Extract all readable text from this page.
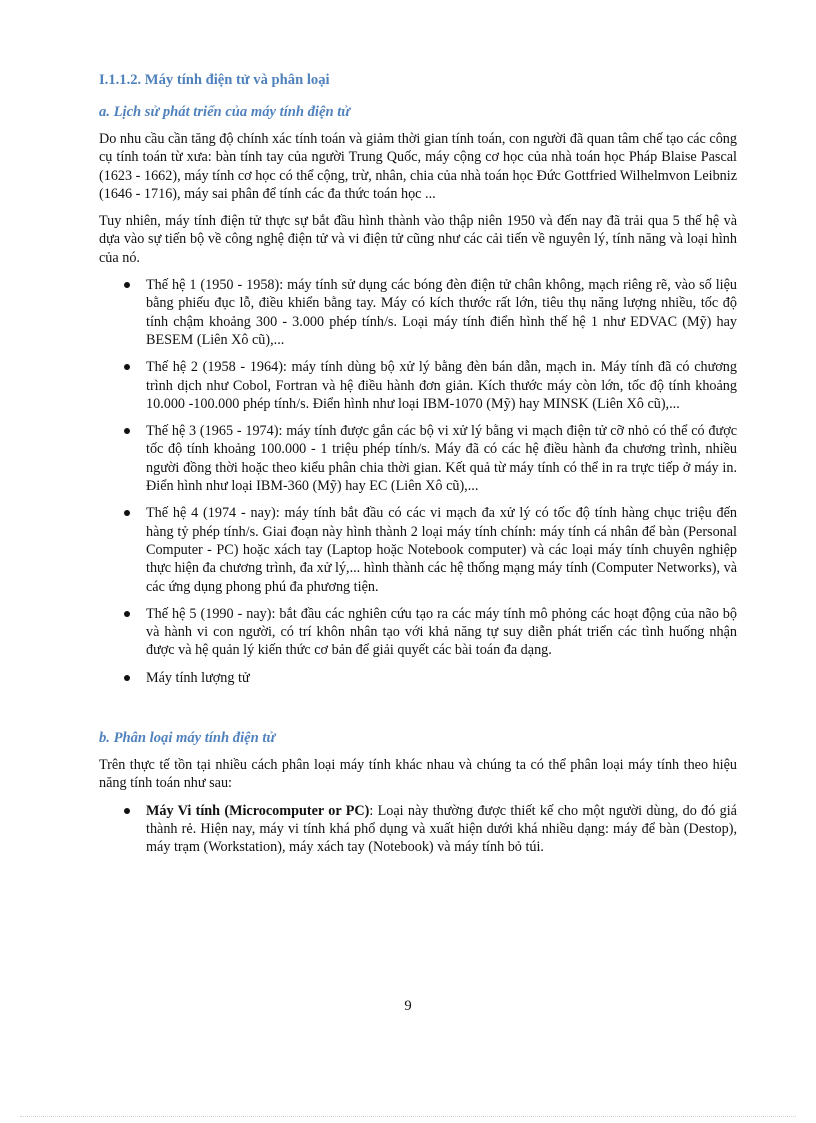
I.1.1.2. Máy tính điện tử và phân loại
a. Lịch sử phát triển của máy tính điện tử

Do nhu cầu cần tăng độ chính xác tính toán và giảm thời gian tính toán, con người đã quan tâm chế tạo các công cụ tính toán từ xưa: bàn tính tay của người Trung Quốc, máy cộng cơ học của nhà toán học Pháp Blaise Pascal (1623 - 1662), máy tính cơ học có thể cộng, trừ, nhân, chia của nhà toán học Đức Gottfried Wilhelmvon Leibniz (1646 - 1716), máy sai phân để tính các đa thức toán học ...

Tuy nhiên, máy tính điện tử thực sự bắt đầu hình thành vào thập niên 1950 và đến nay đã trải qua 5 thế hệ và dựa vào sự tiến bộ về công nghệ điện tử và vi điện tử cũng như các cải tiến về nguyên lý, tính năng và loại hình của nó.

Thế hệ 1 (1950 - 1958): máy tính sử dụng các bóng đèn điện tử chân không, mạch riêng rẽ, vào số liệu bằng phiếu đục lỗ, điều khiển bằng tay. Máy có kích thước rất lớn, tiêu thụ năng lượng nhiều, tốc độ tính chậm khoảng 300 - 3.000 phép tính/s. Loại máy tính điển hình thế hệ 1 như EDVAC (Mỹ) hay BESEM (Liên Xô cũ),...
Thế hệ 2 (1958 - 1964): máy tính dùng bộ xử lý bằng đèn bán dẫn, mạch in. Máy tính đã có chương trình dịch như Cobol, Fortran và hệ điều hành đơn giản. Kích thước máy còn lớn, tốc độ tính khoảng 10.000 -100.000 phép tính/s. Điển hình như loại IBM-1070 (Mỹ) hay MINSK (Liên Xô cũ),...
Thế hệ 3 (1965 - 1974): máy tính được gắn các bộ vi xử lý bằng vi mạch điện tử cỡ nhỏ có thể có được tốc độ tính khoảng 100.000 - 1 triệu phép tính/s. Máy đã có các hệ điều hành đa chương trình, nhiều người đồng thời hoặc theo kiểu phân chia thời gian. Kết quả từ máy tính có thể in ra trực tiếp ở máy in. Điển hình như loại IBM-360 (Mỹ) hay EC (Liên Xô cũ),...
Thế hệ 4 (1974 - nay): máy tính bắt đầu có các vi mạch đa xử lý có tốc độ tính hàng chục triệu đến hàng tỷ phép tính/s. Giai đoạn này hình thành 2 loại máy tính chính: máy tính cá nhân để bàn (Personal Computer - PC) hoặc xách tay (Laptop hoặc Notebook computer) và các loại máy tính chuyên nghiệp thực hiện đa chương trình, đa xử lý,... hình thành các hệ thống mạng máy tính (Computer Networks), và các ứng dụng phong phú đa phương tiện.
Thế hệ 5 (1990 - nay): bắt đầu các nghiên cứu tạo ra các máy tính mô phỏng các hoạt động của não bộ và hành vi con người, có trí khôn nhân tạo với khả năng tự suy diễn phát triển các tình huống nhận được và hệ quản lý kiến thức cơ bản để giải quyết các bài toán đa dạng.
Máy tính lượng tử
b. Phân loại máy tính điện tử

Trên thực tế tồn tại nhiều cách phân loại máy tính khác nhau và chúng ta có thể phân loại máy tính theo hiệu năng tính toán như sau:

Máy Vi tính (Microcomputer or PC): Loại này thường được thiết kế cho một người dùng, do đó giá thành rẻ. Hiện nay, máy vi tính khá phổ dụng và xuất hiện dưới khá nhiều dạng: máy để bàn (Destop), máy trạm (Workstation), máy xách tay (Notebook) và máy tính bỏ túi.
9
